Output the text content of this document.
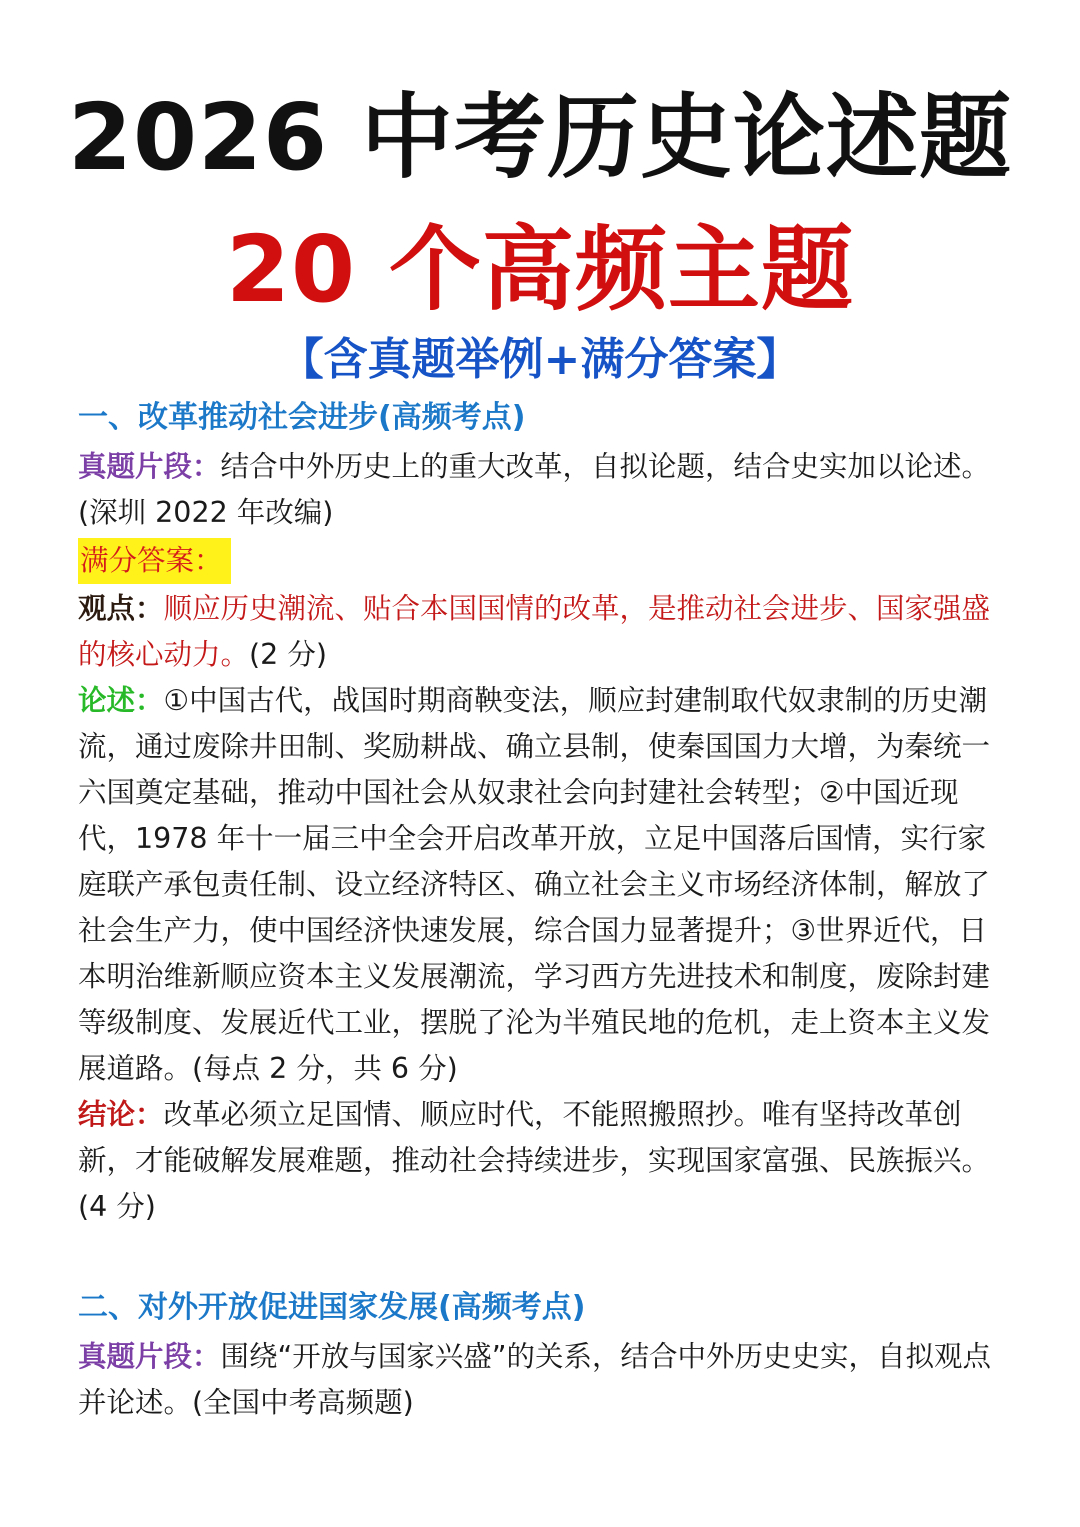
2026 中考历史论述题
20 个高频主题
【含真题举例+满分答案】
一、改革推动社会进步(高频考点)

真题片段：结合中外历史上的重大改革，自拟论题，结合史实加以论述。(深圳 2022 年改编)

满分答案：

观点：顺应历史潮流、贴合本国国情的改革，是推动社会进步、国家强盛的核心动力。(2 分)

论述：①中国古代，战国时期商鞅变法，顺应封建制取代奴隶制的历史潮流，通过废除井田制、奖励耕战、确立县制，使秦国国力大增，为秦统一六国奠定基础，推动中国社会从奴隶社会向封建社会转型；②中国近现代，1978 年十一届三中全会开启改革开放，立足中国落后国情，实行家庭联产承包责任制、设立经济特区、确立社会主义市场经济体制，解放了社会生产力，使中国经济快速发展，综合国力显著提升；③世界近代，日本明治维新顺应资本主义发展潮流，学习西方先进技术和制度，废除封建等级制度、发展近代工业，摆脱了沦为半殖民地的危机，走上资本主义发展道路。(每点 2 分，共 6 分)

结论：改革必须立足国情、顺应时代，不能照搬照抄。唯有坚持改革创新，才能破解发展难题，推动社会持续进步，实现国家富强、民族振兴。(4 分)

二、对外开放促进国家发展(高频考点)

真题片段：围绕“开放与国家兴盛”的关系，结合中外历史史实，自拟观点并论述。(全国中考高频题)
